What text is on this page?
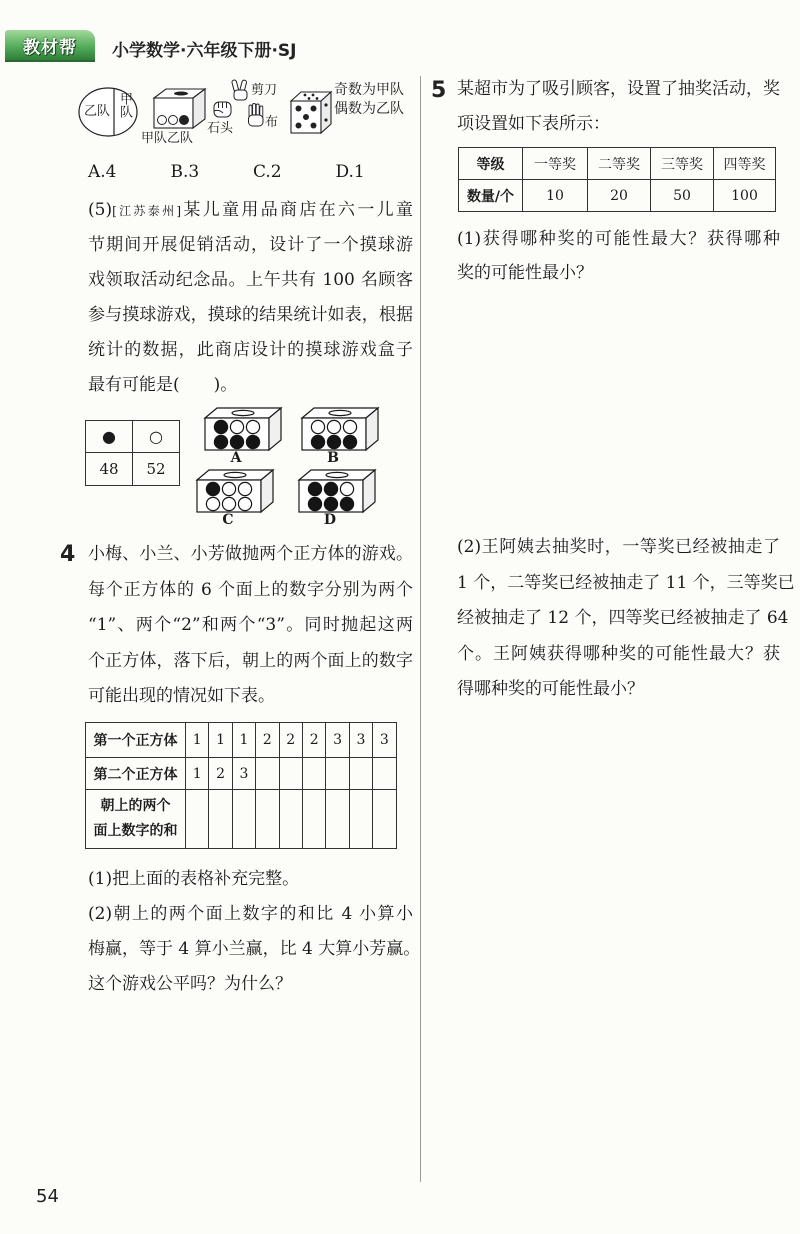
教材帮 小学数学·六年级下册·SJ
乙队 甲队
甲队乙队
剪刀
石头 布
奇数为甲队
偶数为乙队
A.4	B.3	C.2	D.1
(5)[江苏泰州]某儿童用品商店在六一儿童
节期间开展促销活动，设计了一个摸球游
戏领取活动纪念品。上午共有 100 名顾客
参与摸球游戏，摸球的结果统计如表，根据
统计的数据，此商店设计的摸球游戏盒子
最有可能是(　　)。
●	○
48	52
A	B
C	D
4 小梅、小兰、小芳做抛两个正方体的游戏。
每个正方体的 6 个面上的数字分别为两个
“1”、两个“2”和两个“3”。同时抛起这两
个正方体，落下后，朝上的两个面上的数字
可能出现的情况如下表。
第一个正方体	1	1	1	2	2	2	3	3	3
第二个正方体	1	2	3						

朝上的两个
面上数字的和									

(1)把上面的表格补充完整。
(2)朝上的两个面上数字的和比 4 小算小
梅赢，等于 4 算小兰赢，比 4 大算小芳赢。
这个游戏公平吗？为什么？
5 某超市为了吸引顾客，设置了抽奖活动，奖
项设置如下表所示：
等级	一等奖	二等奖	三等奖	四等奖
数量/个	10	20	50	100
(1)获得哪种奖的可能性最大？获得哪种
奖的可能性最小？
(2)王阿姨去抽奖时，一等奖已经被抽走了
1 个，二等奖已经被抽走了 11 个，三等奖已
经被抽走了 12 个，四等奖已经被抽走了 64
个。王阿姨获得哪种奖的可能性最大？获
得哪种奖的可能性最小？
54
